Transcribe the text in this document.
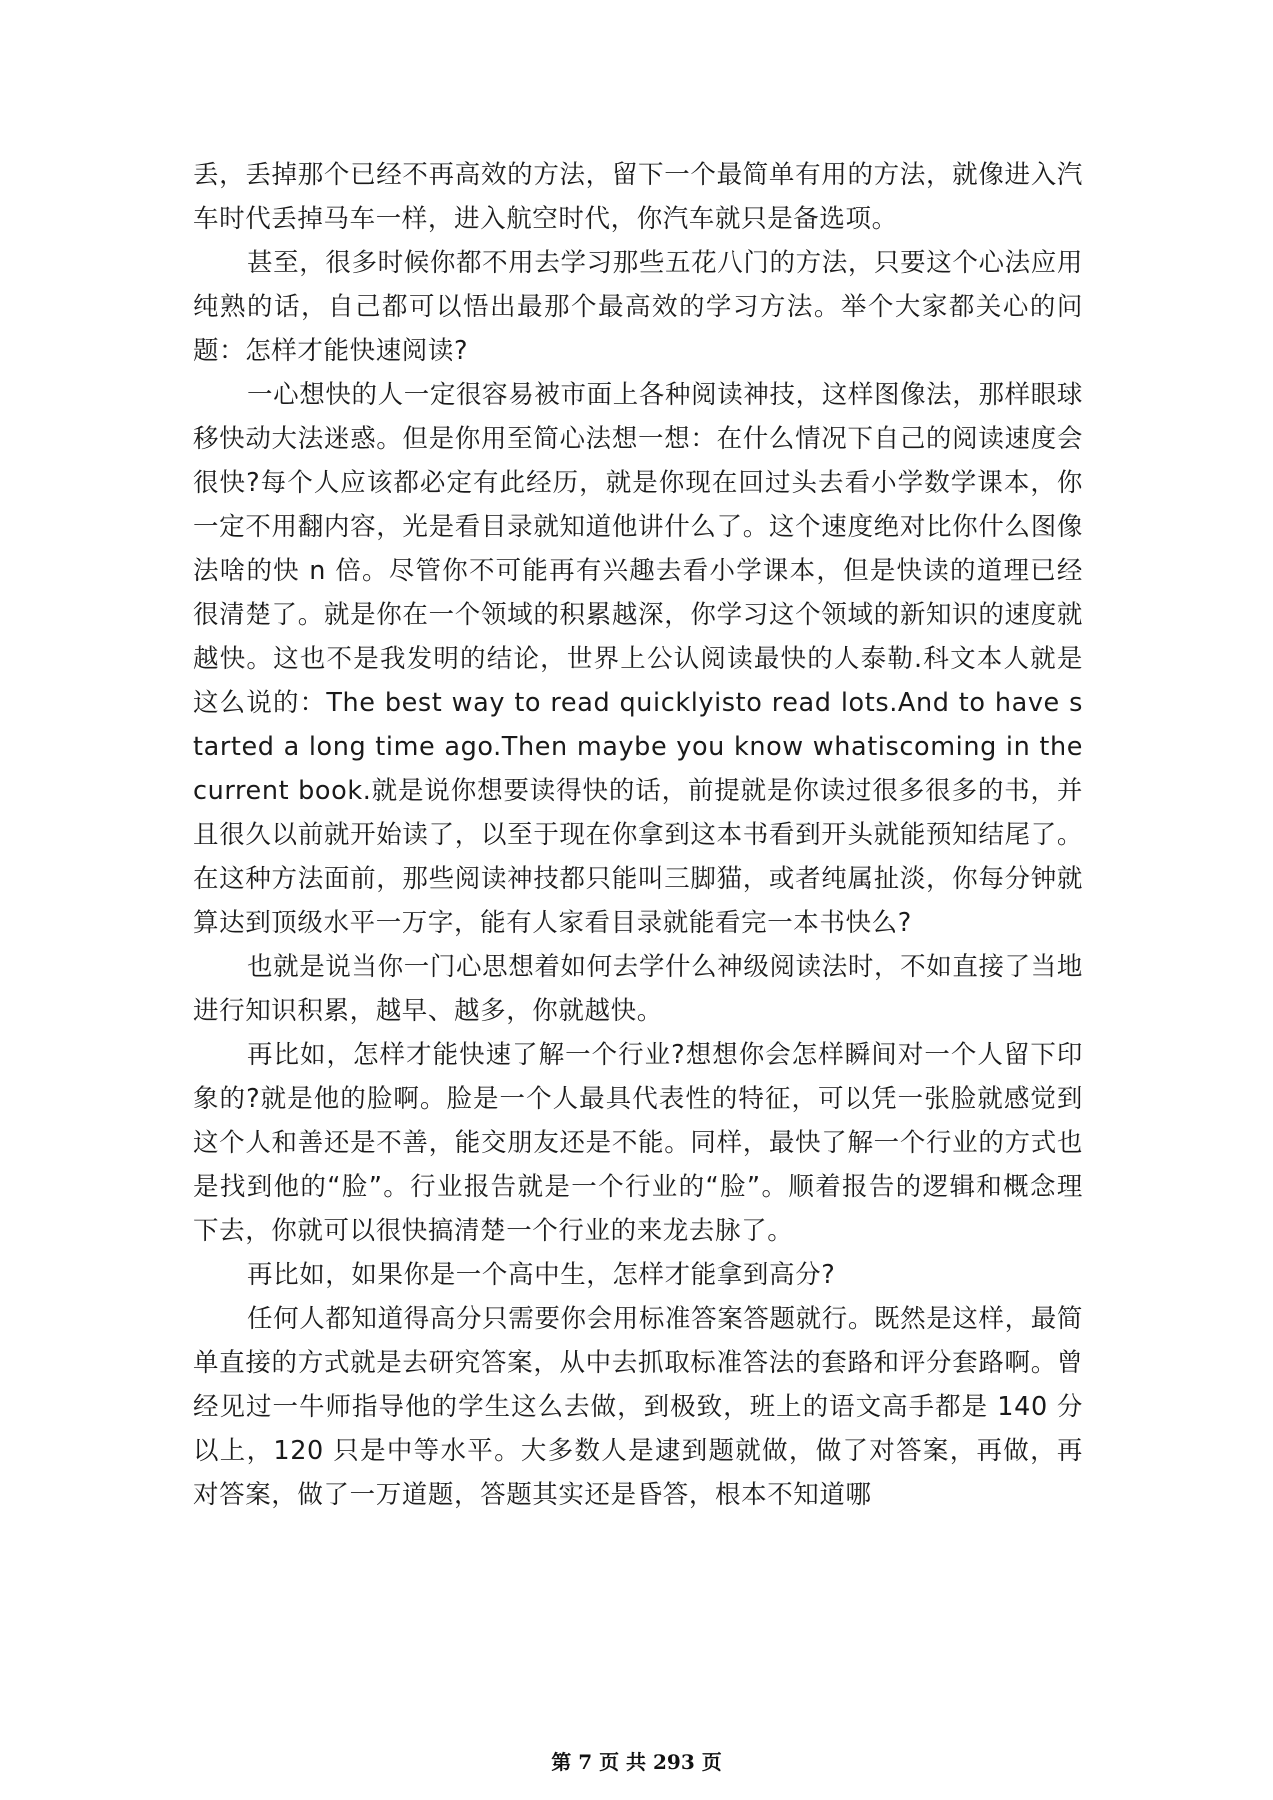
丢，丢掉那个已经不再高效的方法，留下一个最简单有用的方法，就像进入汽车时代丢掉马车一样，进入航空时代，你汽车就只是备选项。

甚至，很多时候你都不用去学习那些五花八门的方法，只要这个心法应用纯熟的话，自己都可以悟出最那个最高效的学习方法。举个大家都关心的问题：怎样才能快速阅读?

一心想快的人一定很容易被市面上各种阅读神技，这样图像法，那样眼球移快动大法迷惑。但是你用至简心法想一想：在什么情况下自己的阅读速度会很快?每个人应该都必定有此经历，就是你现在回过头去看小学数学课本，你一定不用翻内容，光是看目录就知道他讲什么了。这个速度绝对比你什么图像法啥的快 n 倍。尽管你不可能再有兴趣去看小学课本，但是快读的道理已经很清楚了。就是你在一个领域的积累越深，你学习这个领域的新知识的速度就越快。这也不是我发明的结论，世界上公认阅读最快的人泰勒.科文本人就是这么说的：The best way to read quicklyisto read lots.And to have started a long time ago.Then maybe you know whatiscoming in the current book.就是说你想要读得快的话，前提就是你读过很多很多的书，并且很久以前就开始读了，以至于现在你拿到这本书看到开头就能预知结尾了。在这种方法面前，那些阅读神技都只能叫三脚猫，或者纯属扯淡，你每分钟就算达到顶级水平一万字，能有人家看目录就能看完一本书快么?

也就是说当你一门心思想着如何去学什么神级阅读法时，不如直接了当地进行知识积累，越早、越多，你就越快。

再比如，怎样才能快速了解一个行业?想想你会怎样瞬间对一个人留下印象的?就是他的脸啊。脸是一个人最具代表性的特征，可以凭一张脸就感觉到这个人和善还是不善，能交朋友还是不能。同样，最快了解一个行业的方式也是找到他的“脸”。行业报告就是一个行业的“脸”。顺着报告的逻辑和概念理下去，你就可以很快搞清楚一个行业的来龙去脉了。

再比如，如果你是一个高中生，怎样才能拿到高分?

任何人都知道得高分只需要你会用标准答案答题就行。既然是这样，最简单直接的方式就是去研究答案，从中去抓取标准答法的套路和评分套路啊。曾经见过一牛师指导他的学生这么去做，到极致，班上的语文高手都是 140 分以上，120 只是中等水平。大多数人是逮到题就做，做了对答案，再做，再对答案，做了一万道题，答题其实还是昏答，根本不知道哪

第 7 页 共 293 页
